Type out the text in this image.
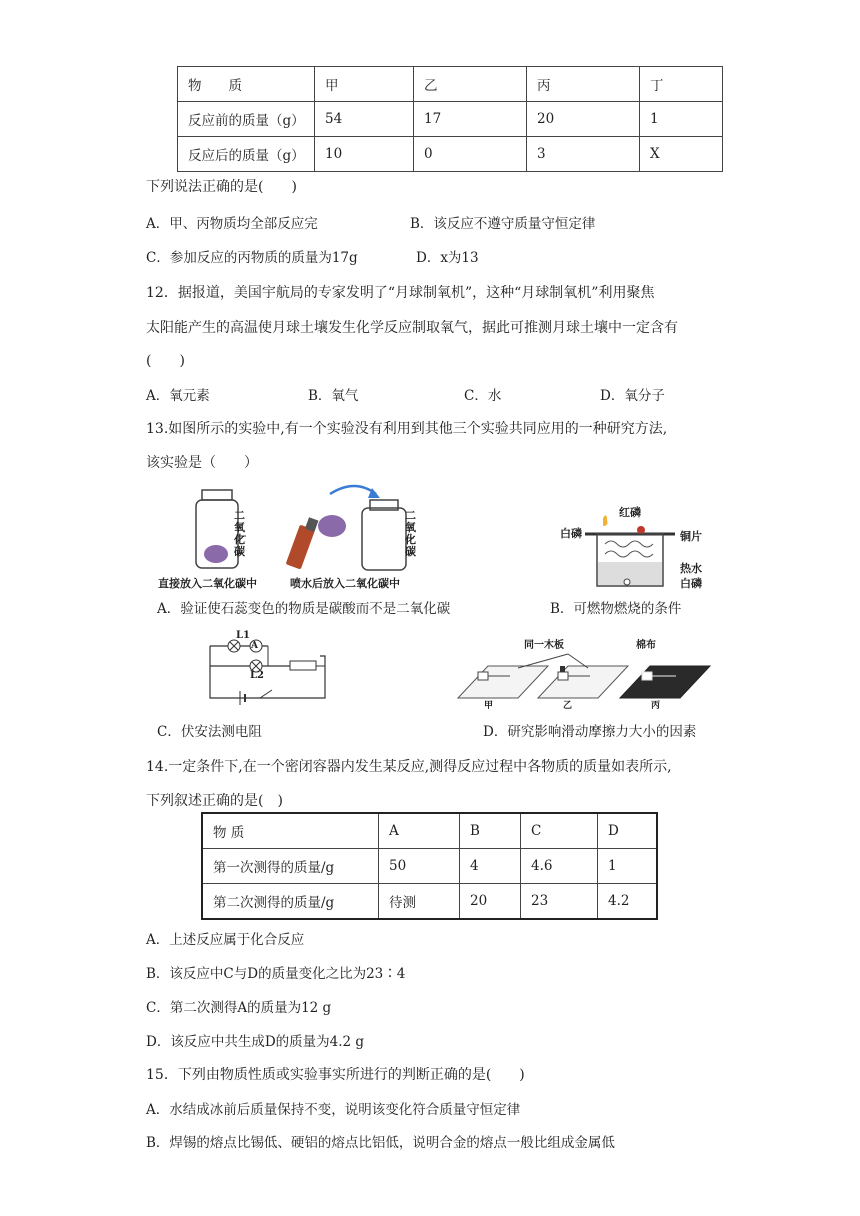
物　　质	甲	乙	丙	丁
反应前的质量（g）	54	17	20	1
反应后的质量（g）	10	0	3	X
下列说法正确的是(　　)
A．甲、丙物质均全部反应完	B．该反应不遵守质量守恒定律
C．参加反应的丙物质的质量为17g	D．x为13
12．据报道，美国宇航局的专家发明了“月球制氧机”，这种“月球制氧机”利用聚焦
太阳能产生的高温使月球土壤发生化学反应制取氧气，据此可推测月球土壤中一定含有
(　　)
A．氧元素	B．氧气	C．水	D．氧分子
13.如图所示的实验中,有一个实验没有利用到其他三个实验共同应用的一种研究方法,
该实验是（　　）
二氧化碳
二氧化碳
直接放入二氧化碳中	喷水后放入二氧化碳中
A．验证使石蕊变色的物质是碳酸而不是二氧化碳
红磷
白磷	铜片
热水
白磷
B．可燃物燃烧的条件
L1
A
L2
C．伏安法测电阻
同一木板	棉布
甲	乙	丙
D．研究影响滑动摩擦力大小的因素
14.一定条件下,在一个密闭容器内发生某反应,测得反应过程中各物质的质量如表所示,
下列叙述正确的是(　)
物 质	A	B	C	D
第一次测得的质量/g	50	4	4.6	1
第二次测得的质量/g	待测	20	23	4.2
A．上述反应属于化合反应
B．该反应中C与D的质量变化之比为23∶4
C．第二次测得A的质量为12 g
D．该反应中共生成D的质量为4.2 g
15．下列由物质性质或实验事实所进行的判断正确的是(　　)
A．水结成冰前后质量保持不变，说明该变化符合质量守恒定律
B．焊锡的熔点比锡低、硬铝的熔点比铝低，说明合金的熔点一般比组成金属低
